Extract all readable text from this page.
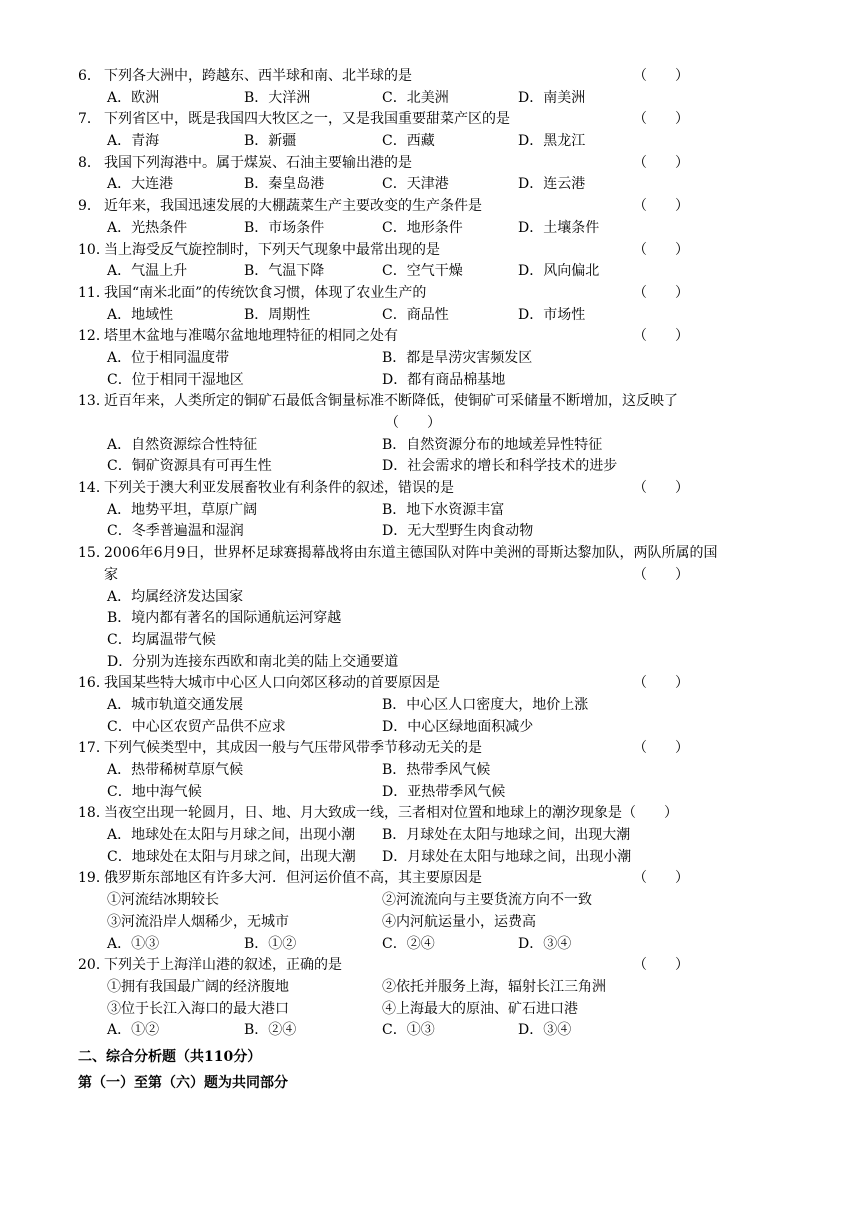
6． 下列各大洲中，跨越东、西半球和南、北半球的是	（　　）
A．欧洲	B．大洋洲	C．北美洲	D．南美洲
7． 下列省区中，既是我国四大牧区之一，又是我国重要甜菜产区的是	（　　）
A．青海	B．新疆	C．西藏	D．黑龙江
8． 我国下列海港中。属于煤炭、石油主要输出港的是	（　　）
A．大连港	B．秦皇岛港	C．天津港	D．连云港
9． 近年来，我国迅速发展的大棚蔬菜生产主要改变的生产条件是	（　　）
A．光热条件	B．市场条件	C．地形条件	D．土壤条件
10．
当上海受反气旋控制时，下列天气现象中最常出现的是	（　　）
A．气温上升	B．气温下降	C．空气干燥	D．风向偏北
11．
我国“南米北面”的传统饮食习惯，体现了农业生产的	（　　）
A．地域性	B．周期性	C．商品性	D．市场性
12．
塔里木盆地与准噶尔盆地地理特征的相同之处有	（　　）
A．位于相同温度带	B．都是旱涝灾害频发区
C．位于相同干湿地区	D．都有商品棉基地
13．
近百年来，人类所定的铜矿石最低含铜量标准不断降低，使铜矿可采储量不断增加，这反映了
（　　）
A．自然资源综合性特征	B．自然资源分布的地域差异性特征
C．铜矿资源具有可再生性	D．社会需求的增长和科学技术的进步
14．
下列关于澳大利亚发展畜牧业有利条件的叙述，错误的是	（　　）
A．地势平坦，草原广阔	B．地下水资源丰富
C．冬季普遍温和湿润	D．无大型野生肉食动物
15．
2006年6月9日，世界杯足球赛揭幕战将由东道主德国队对阵中美洲的哥斯达黎加队，两队所属的国
家	（　　）
A．均属经济发达国家
B．境内都有著名的国际通航运河穿越
C．均属温带气候
D．分别为连接东西欧和南北美的陆上交通要道
16．
我国某些特大城市中心区人口向郊区移动的首要原因是	（　　）
A．城市轨道交通发展	B．中心区人口密度大，地价上涨
C．中心区农贸产品供不应求	D．中心区绿地面积减少
17．
下列气候类型中，其成因一般与气压带风带季节移动无关的是	（　　）
A．热带稀树草原气候	B．热带季风气候
C．地中海气候	D．亚热带季风气候
18．
当夜空出现一轮圆月，日、地、月大致成一线，三者相对位置和地球上的潮汐现象是（　　）
A．地球处在太阳与月球之间，出现小潮 B．月球处在太阳与地球之间，出现大潮
C．地球处在太阳与月球之间，出现大潮 D．月球处在太阳与地球之间，出现小潮
19．
俄罗斯东部地区有许多大河．但河运价值不高，其主要原因是	（　　）
①河流结冰期较长	②河流流向与主要货流方向不一致
③河流沿岸人烟稀少，无城市	④内河航运量小，运费高
A．①③	B．①②	C．②④	D．③④
20．
下列关于上海洋山港的叙述，正确的是	（　　）
①拥有我国最广阔的经济腹地	②依托并服务上海，辐射长江三角洲
③位于长江入海口的最大港口	④上海最大的原油、矿石进口港
A．①②	B．②④	C．①③	D．③④
二、综合分析题（共110分）
第（一）至第（六）题为共同部分
